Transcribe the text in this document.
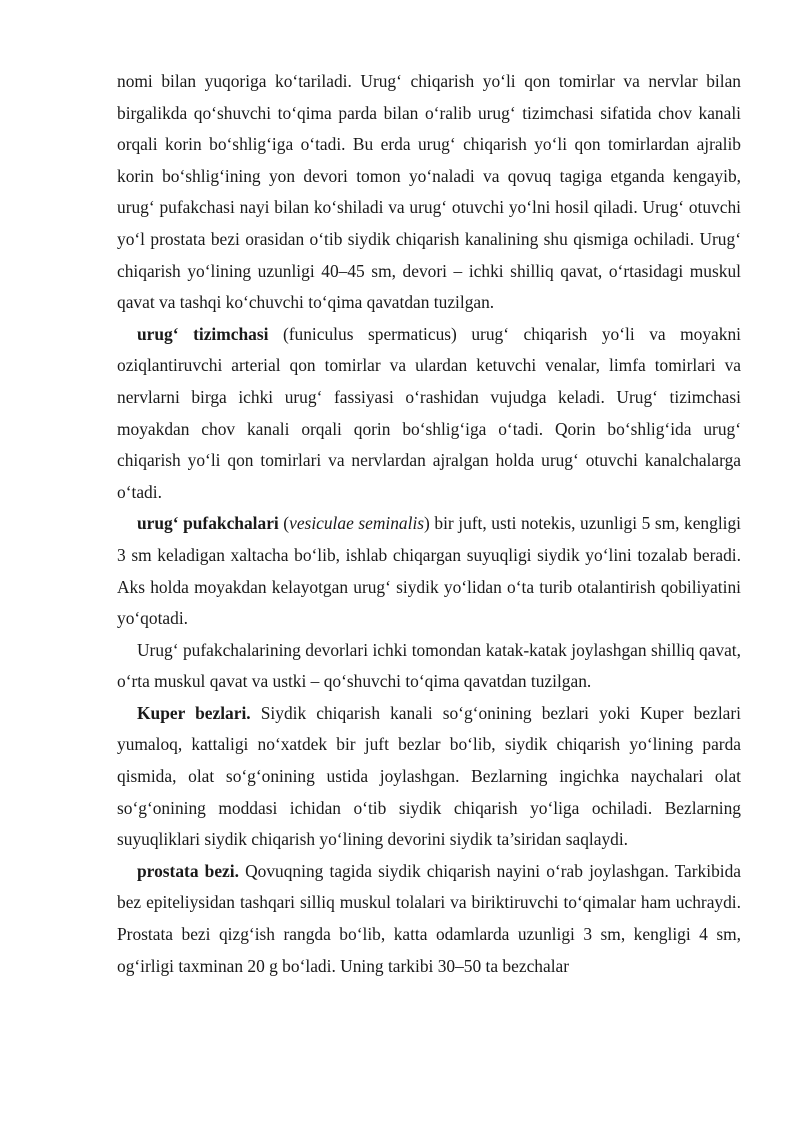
nomi bilan yuqoriga ko‘tariladi. Urug‘ chiqarish yo‘li qon tomirlar va nervlar bilan birgalikda qo‘shuvchi to‘qima parda bilan o‘ralib urug‘ tizimchasi sifatida chov kanali orqali korin bo‘shlig‘iga o‘tadi. Bu erda urug‘ chiqarish yo‘li qon tomirlardan ajralib korin bo‘shlig‘ining yon devori tomon yo‘naladi va qovuq tagiga etganda kengayib, urug‘ pufakchasi nayi bilan ko‘shiladi va urug‘ otuvchi yo‘lni hosil qiladi. Urug‘ otuvchi yo‘l prostata bezi orasidan o‘tib siydik chiqarish kanalining shu qismiga ochiladi. Urug‘ chiqarish yo‘lining uzunligi 40–45 sm, devori – ichki shilliq qavat, o‘rtasidagi muskul qavat va tashqi ko‘chuvchi to‘qima qavatdan tuzilgan.

urug‘ tizimchasi (funiculus spermaticus) urug‘ chiqarish yo‘li va moyakni oziqlantiruvchi arterial qon tomirlar va ulardan ketuvchi venalar, limfa tomirlari va nervlarni birga ichki urug‘ fassiyasi o‘rashidan vujudga keladi. Urug‘ tizimchasi moyakdan chov kanali orqali qorin bo‘shlig‘iga o‘tadi. Qorin bo‘shlig‘ida urug‘ chiqarish yo‘li qon tomirlari va nervlardan ajralgan holda urug‘ otuvchi kanalchalarga o‘tadi.

urug‘ pufakchalari (vesiculae seminalis) bir juft, usti notekis, uzunligi 5 sm, kengligi 3 sm keladigan xaltacha bo‘lib, ishlab chiqargan suyuqligi siydik yo‘lini tozalab beradi. Aks holda moyakdan kelayotgan urug‘ siydik yo‘lidan o‘ta turib otalantirish qobiliyatini yo‘qotadi.

Urug‘ pufakchalarining devorlari ichki tomondan katak-katak joylashgan shilliq qavat, o‘rta muskul qavat va ustki – qo‘shuvchi to‘qima qavatdan tuzilgan.

Kuper bezlari. Siydik chiqarish kanali so‘g‘onining bezlari yoki Kuper bezlari yumaloq, kattaligi no‘xatdek bir juft bezlar bo‘lib, siydik chiqarish yo‘lining parda qismida, olat so‘g‘onining ustida joylashgan. Bezlarning ingichka naychalari olat so‘g‘onining moddasi ichidan o‘tib siydik chiqarish yo‘liga ochiladi. Bezlarning suyuqliklari siydik chiqarish yo‘lining devorini siydik ta’siridan saqlaydi.

prostata bezi. Qovuqning tagida siydik chiqarish nayini o‘rab joylashgan. Tarkibida bez epiteliysidan tashqari silliq muskul tolalari va biriktiruvchi to‘qimalar ham uchraydi. Prostata bezi qizg‘ish rangda bo‘lib, katta odamlarda uzunligi 3 sm, kengligi 4 sm, og‘irligi taxminan 20 g bo‘ladi. Uning tarkibi 30–50 ta bezchalar
